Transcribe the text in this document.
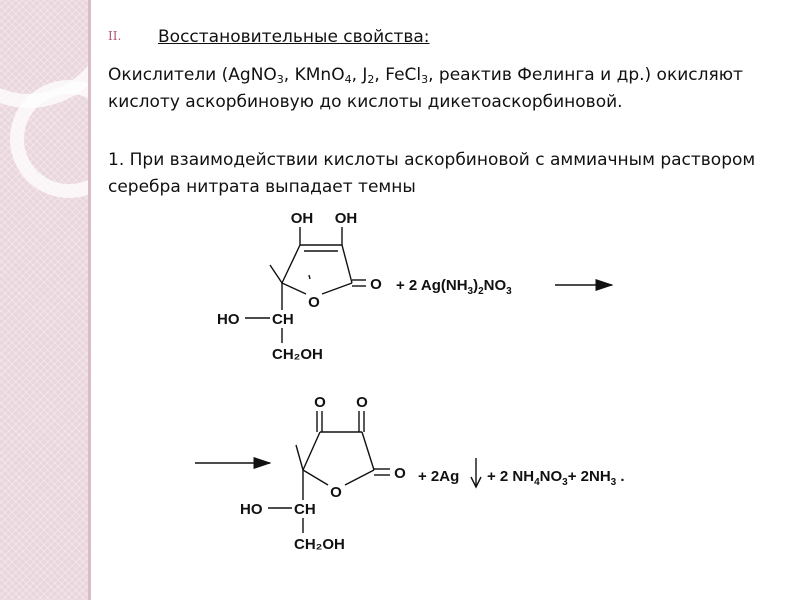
II. Восстановительные свойства:
Окислители (AgNO$_3$, KMnO$_4$, $J_2$, FeCl$_3$, реактив Фелинга и др.) окисляют кислоту аскорбиновую до кислоты дикетоаскорбиновой.
1. При взаимодействии кислоты аскорбиновой с аммиачным раствором серебра нитрата выпадает темны
OH OH
O
O
HO CH
CH₂OH
+ 2 $Ag(NH_3)_2NO_3$
O O
O
O
HO CH
CH₂OH
+ 2Ag + 2 $NH_4NO_3+ 2NH_3$ .
